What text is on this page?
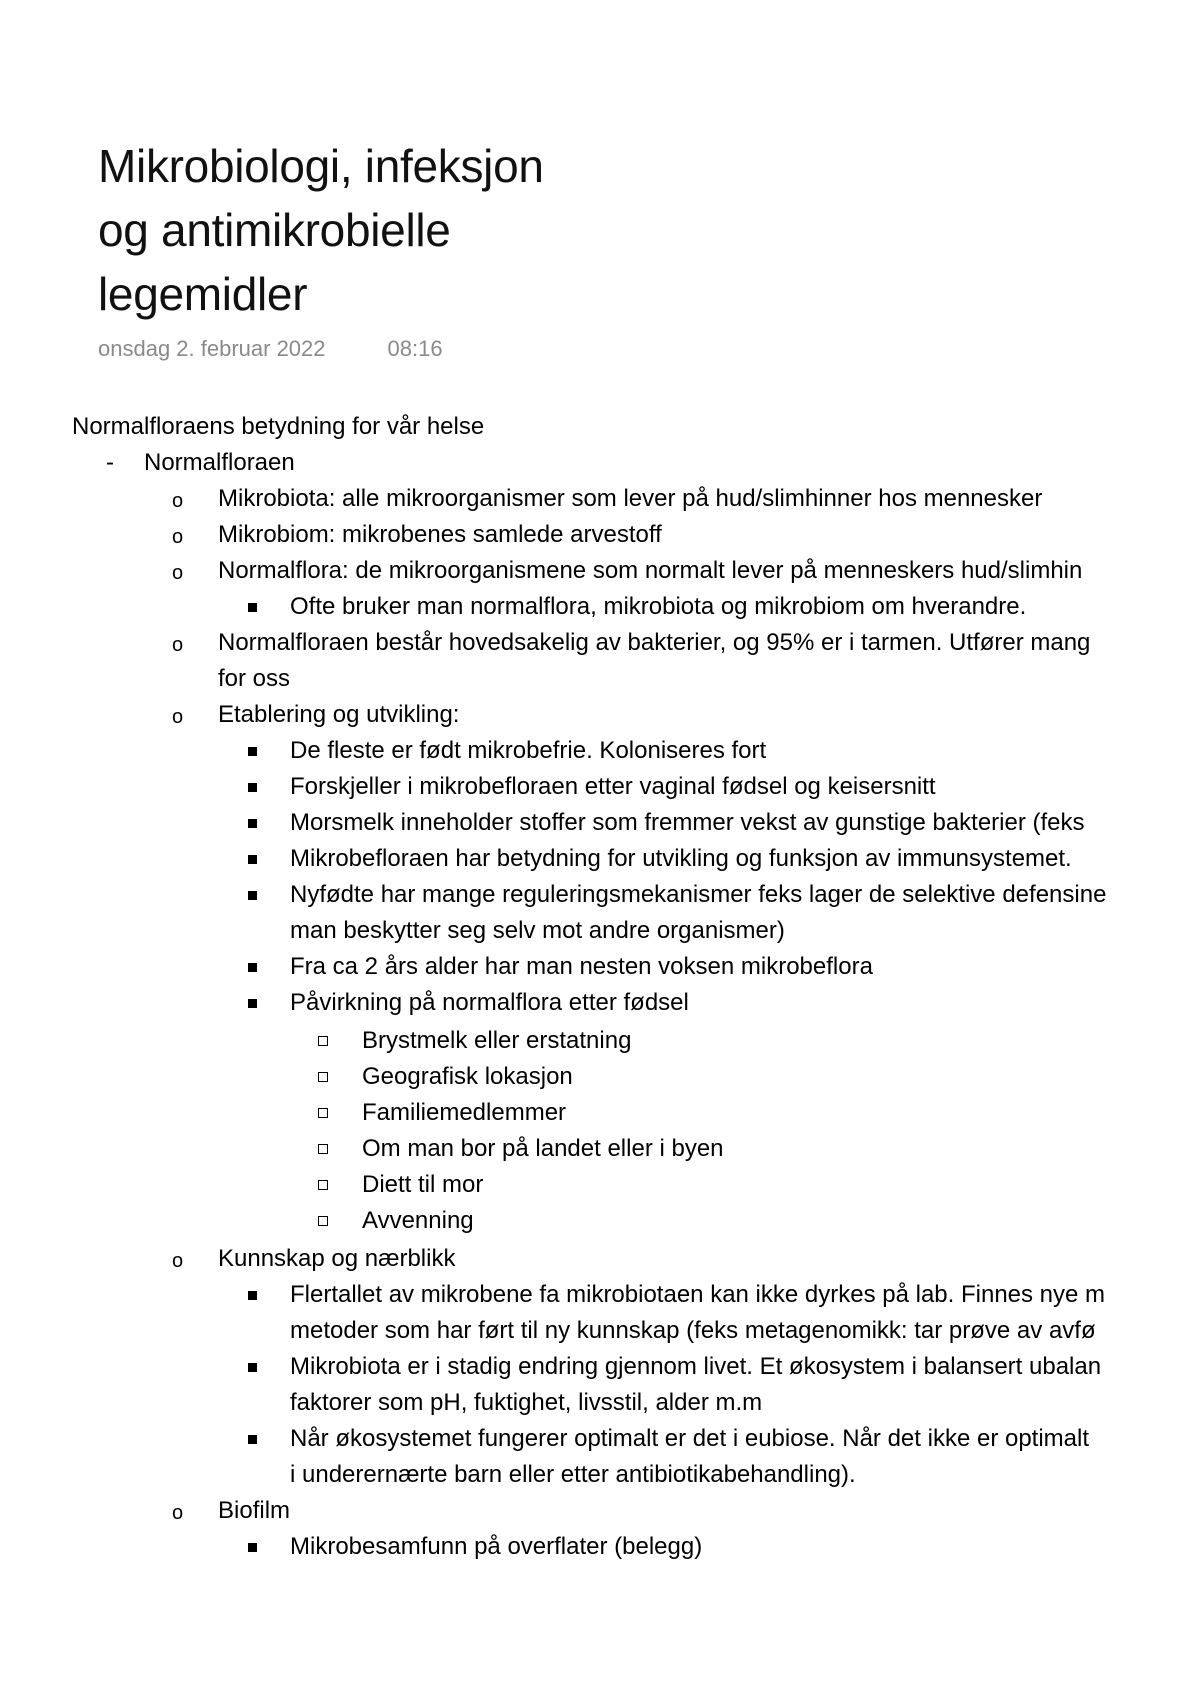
Mikrobiologi, infeksjon
og antimikrobielle
legemidler
onsdag 2. februar 2022	08:16
Normalfloraens betydning for vår helse
- Normalfloraen
o Mikrobiota: alle mikroorganismer som lever på hud/slimhinner hos mennesker
o Mikrobiom: mikrobenes samlede arvestoff
o Normalflora: de mikroorganismene som normalt lever på menneskers hud/slimhin
Ofte bruker man normalflora, mikrobiota og mikrobiom om hverandre.
o Normalfloraen består hovedsakelig av bakterier, og 95% er i tarmen. Utfører mang
for oss
o Etablering og utvikling:
De fleste er født mikrobefrie. Koloniseres fort
Forskjeller i mikrobefloraen etter vaginal fødsel og keisersnitt
Morsmelk inneholder stoffer som fremmer vekst av gunstige bakterier (feks
Mikrobefloraen har betydning for utvikling og funksjon av immunsystemet.
Nyfødte har mange reguleringsmekanismer feks lager de selektive defensine
man beskytter seg selv mot andre organismer)
Fra ca 2 års alder har man nesten voksen mikrobeflora
Påvirkning på normalflora etter fødsel
Brystmelk eller erstatning
Geografisk lokasjon
Familiemedlemmer
Om man bor på landet eller i byen
Diett til mor
Avvenning
o Kunnskap og nærblikk
Flertallet av mikrobene fa mikrobiotaen kan ikke dyrkes på lab. Finnes nye m
metoder som har ført til ny kunnskap (feks metagenomikk: tar prøve av avfø
Mikrobiota er i stadig endring gjennom livet. Et økosystem i balansert ubalan
faktorer som pH, fuktighet, livsstil, alder m.m
Når økosystemet fungerer optimalt er det i eubiose. Når det ikke er optimalt
i underernærte barn eller etter antibiotikabehandling).
o Biofilm
Mikrobesamfunn på overflater (belegg)
